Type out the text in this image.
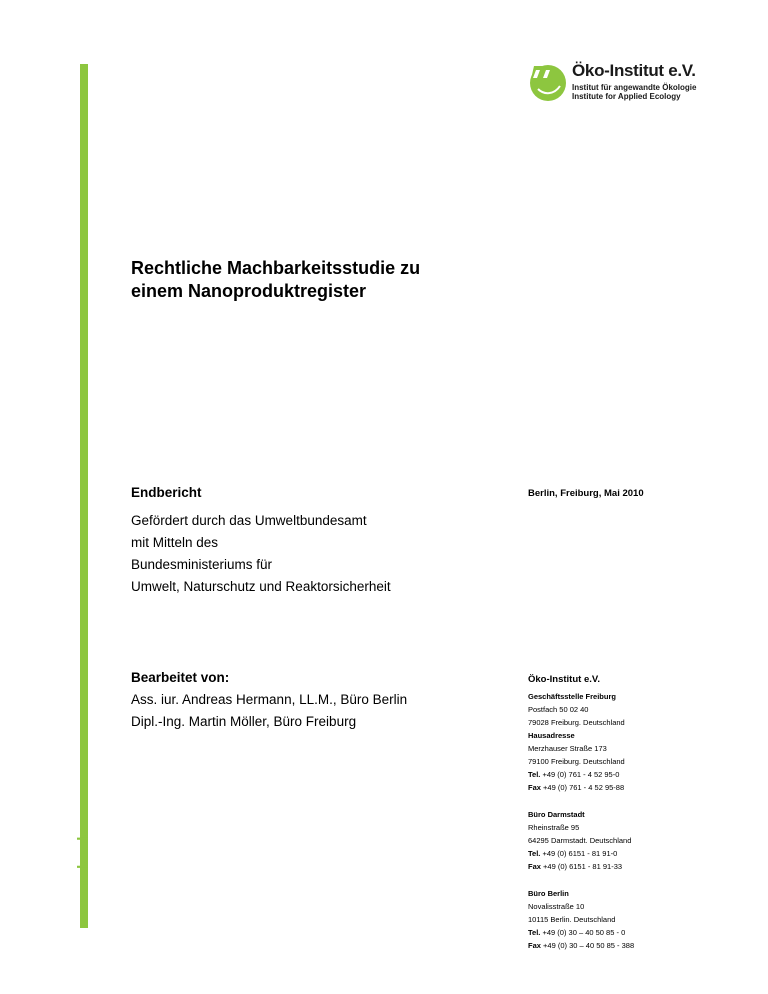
www.oeko.de
Öko-Institut e.V.
Institut für angewandte Ökologie
Institute for Applied Ecology
Rechtliche Machbarkeitsstudie zu
einem Nanoproduktregister
Endbericht	Berlin, Freiburg, Mai 2010
Gefördert durch das Umweltbundesamt
mit Mitteln des
Bundesministeriums für
Umwelt, Naturschutz und Reaktorsicherheit
Bearbeitet von:
Ass. iur. Andreas Hermann, LL.M., Büro Berlin
Dipl.-Ing. Martin Möller, Büro Freiburg
Öko-Institut e.V.
Geschäftsstelle Freiburg
Postfach 50 02 40
79028 Freiburg. Deutschland
Hausadresse
Merzhauser Straße 173
79100 Freiburg. Deutschland
Tel. +49 (0) 761 - 4 52 95-0
Fax +49 (0) 761 - 4 52 95-88
Büro Darmstadt
Rheinstraße 95
64295 Darmstadt. Deutschland
Tel. +49 (0) 6151 - 81 91-0
Fax +49 (0) 6151 - 81 91-33
Büro Berlin
Novalisstraße 10
10115 Berlin. Deutschland
Tel. +49 (0) 30 – 40 50 85 - 0
Fax +49 (0) 30 – 40 50 85 - 388
